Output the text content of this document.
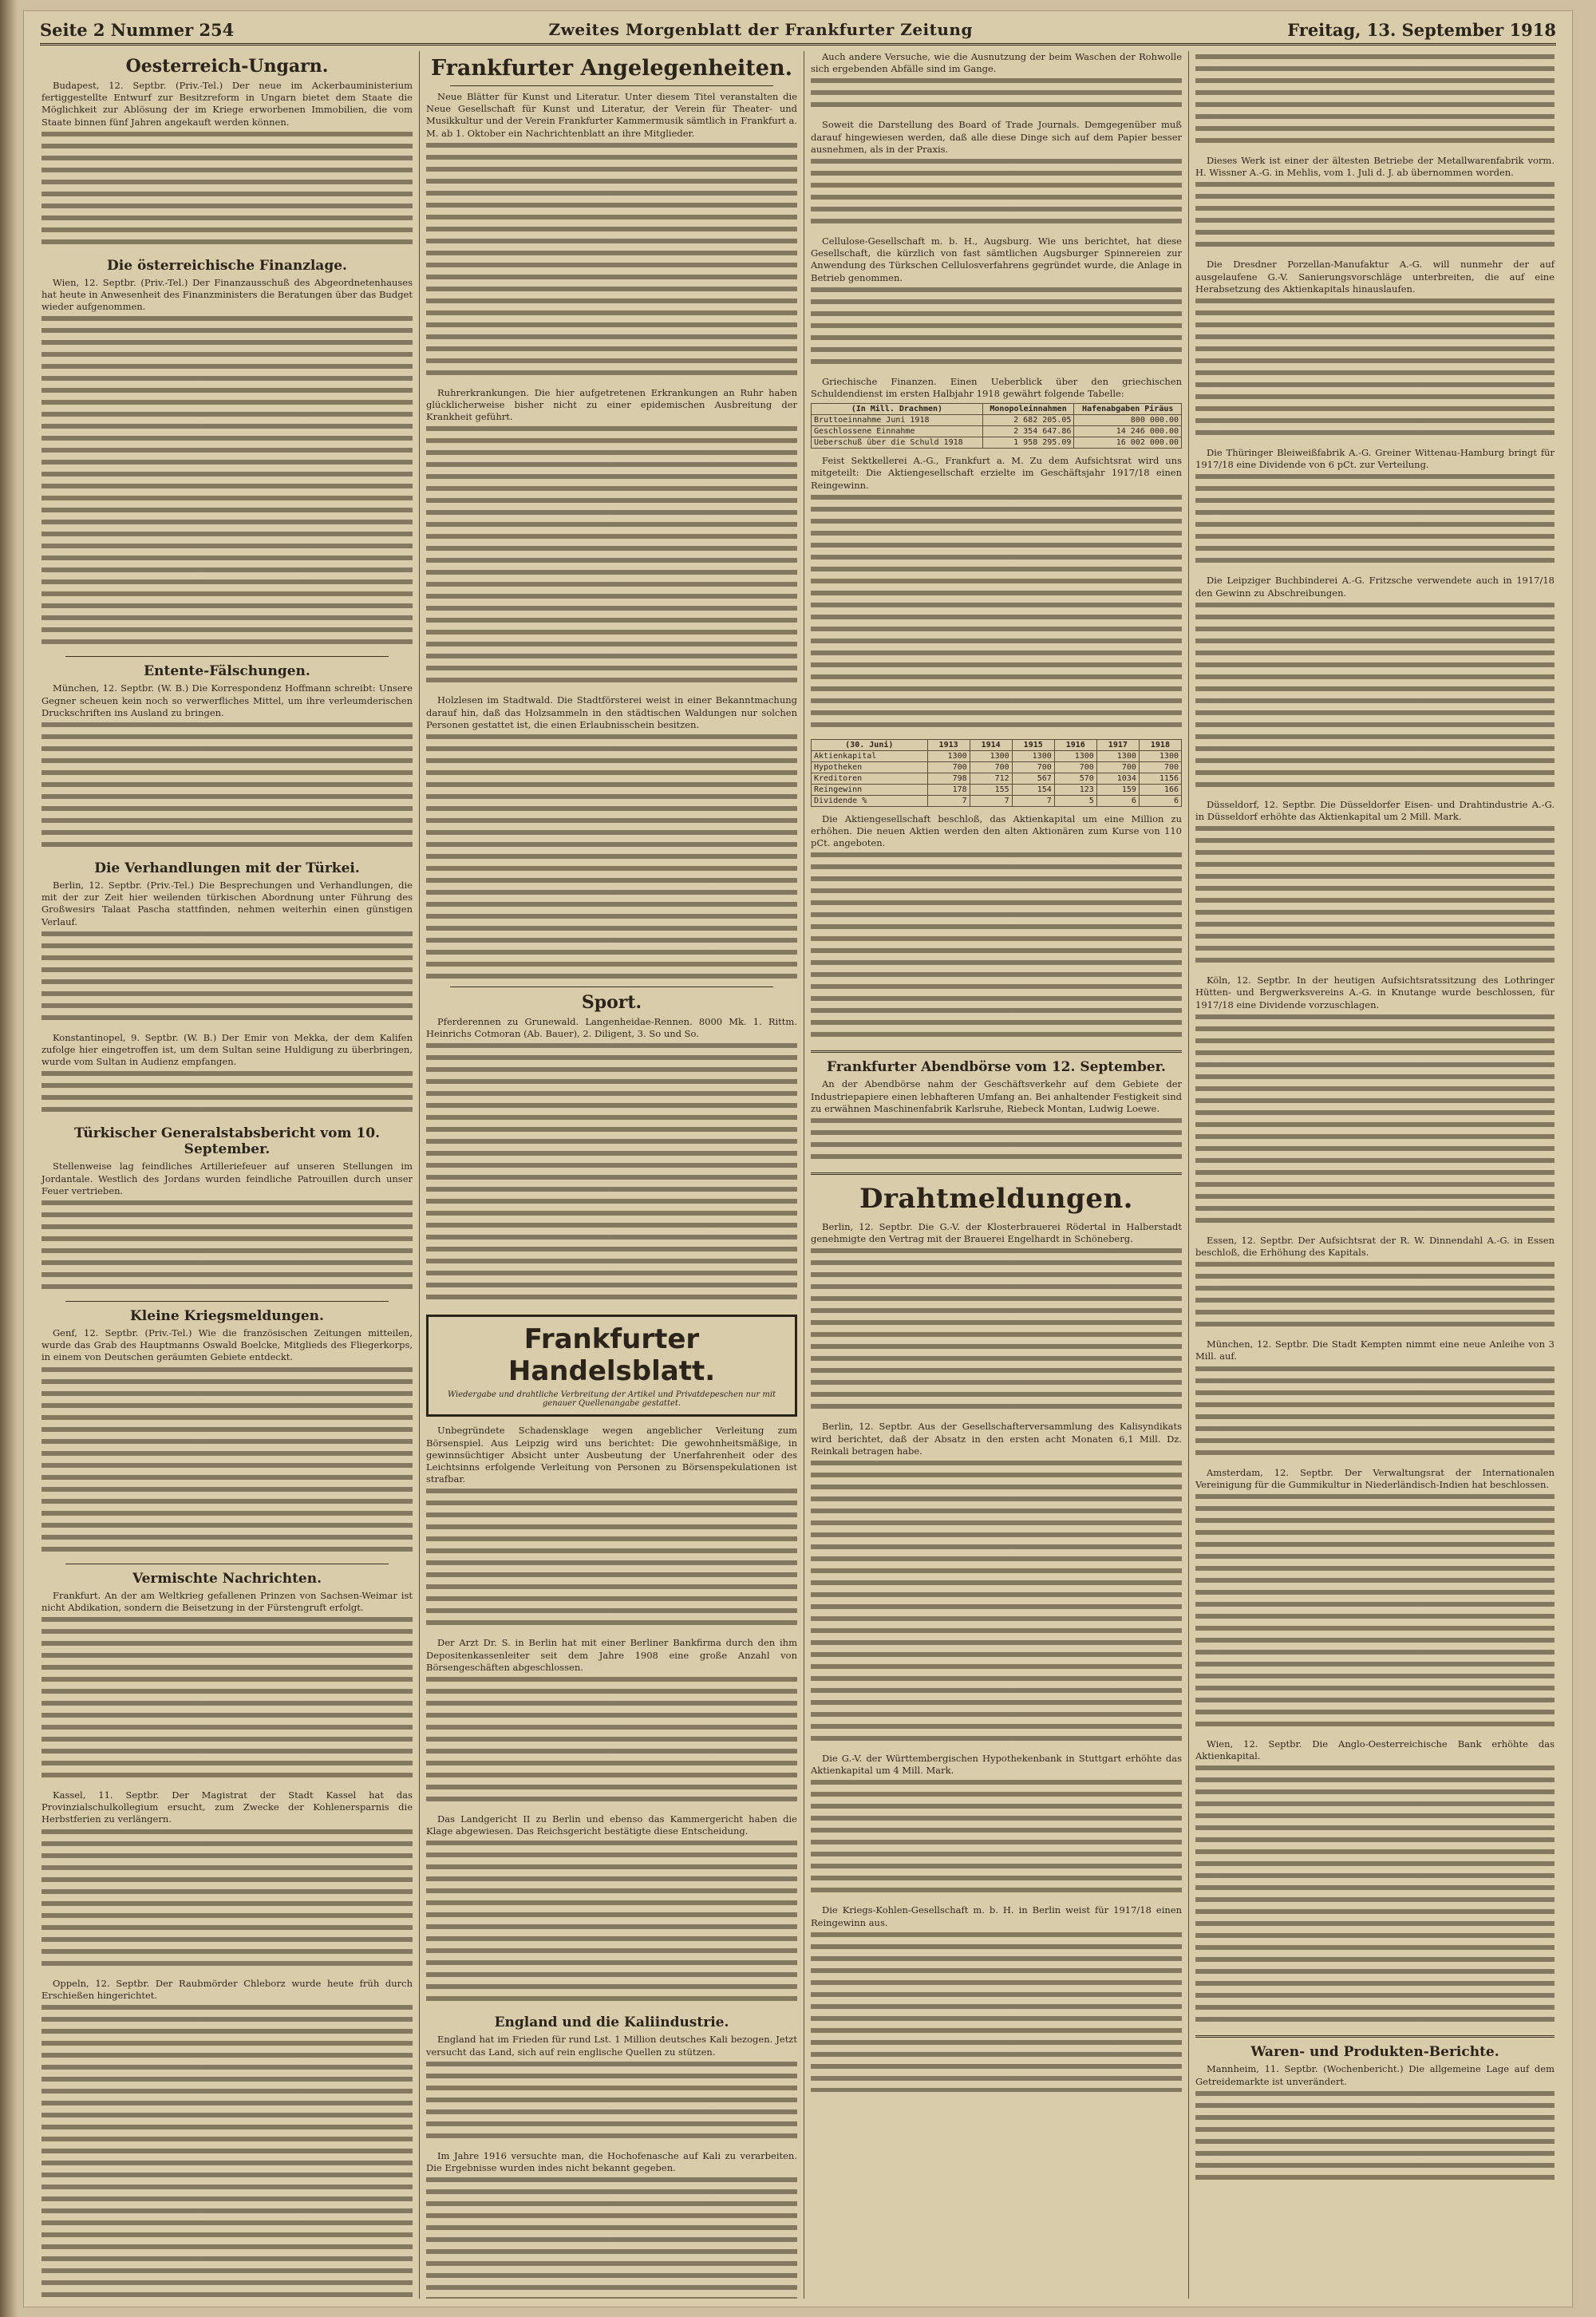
Seite 2 Nummer 254	Zweites Morgenblatt der Frankfurter Zeitung	Freitag, 13. September 1918
Oesterreich-Ungarn.

Budapest, 12. Septbr. (Priv.-Tel.) Der neue im Ackerbauministerium fertiggestellte Entwurf zur Besitzreform in Ungarn bietet dem Staate die Möglichkeit zur Ablösung der im Kriege erworbenen Immobilien, die vom Staate binnen fünf Jahren angekauft werden können.

Die österreichische Finanzlage.

Wien, 12. Septbr. (Priv.-Tel.) Der Finanzausschuß des Abgeordnetenhauses hat heute in Anwesenheit des Finanzministers die Beratungen über das Budget wieder aufgenommen.

Entente-Fälschungen.

München, 12. Septbr. (W. B.) Die Korrespondenz Hoffmann schreibt: Unsere Gegner scheuen kein noch so verwerfliches Mittel, um ihre verleumderischen Druckschriften ins Ausland zu bringen.

Die Verhandlungen mit der Türkei.

Berlin, 12. Septbr. (Priv.-Tel.) Die Besprechungen und Verhandlungen, die mit der zur Zeit hier weilenden türkischen Abordnung unter Führung des Großwesirs Talaat Pascha stattfinden, nehmen weiterhin einen günstigen Verlauf.

Konstantinopel, 9. Septbr. (W. B.) Der Emir von Mekka, der dem Kalifen zufolge hier eingetroffen ist, um dem Sultan seine Huldigung zu überbringen, wurde vom Sultan in Audienz empfangen.

Türkischer Generalstabsbericht vom 10. September.

Stellenweise lag feindliches Artilleriefeuer auf unseren Stellungen im Jordantale. Westlich des Jordans wurden feindliche Patrouillen durch unser Feuer vertrieben.

Kleine Kriegsmeldungen.

Genf, 12. Septbr. (Priv.-Tel.) Wie die französischen Zeitungen mitteilen, wurde das Grab des Hauptmanns Oswald Boelcke, Mitglieds des Fliegerkorps, in einem von Deutschen geräumten Gebiete entdeckt.

Vermischte Nachrichten.

Frankfurt. An der am Weltkrieg gefallenen Prinzen von Sachsen-Weimar ist nicht Abdikation, sondern die Beisetzung in der Fürstengruft erfolgt.

Kassel, 11. Septbr. Der Magistrat der Stadt Kassel hat das Provinzialschulkollegium ersucht, zum Zwecke der Kohlenersparnis die Herbstferien zu verlängern.

Oppeln, 12. Septbr. Der Raubmörder Chleborz wurde heute früh durch Erschießen hingerichtet.

Frankfurter Angelegenheiten.

Neue Blätter für Kunst und Literatur. Unter diesem Titel veranstalten die Neue Gesellschaft für Kunst und Literatur, der Verein für Theater- und Musikkultur und der Verein Frankfurter Kammermusik sämtlich in Frankfurt a. M. ab 1. Oktober ein Nachrichtenblatt an ihre Mitglieder.

Ruhrerkrankungen. Die hier aufgetretenen Erkrankungen an Ruhr haben glücklicherweise bisher nicht zu einer epidemischen Ausbreitung der Krankheit geführt.

Holzlesen im Stadtwald. Die Stadtförsterei weist in einer Bekanntmachung darauf hin, daß das Holzsammeln in den städtischen Waldungen nur solchen Personen gestattet ist, die einen Erlaubnisschein besitzen.

Sport.

Pferderennen zu Grunewald. Langenheidae-Rennen. 8000 Mk. 1. Rittm. Heinrichs Cotmoran (Ab. Bauer), 2. Diligent, 3. So und So.

Frankfurter Handelsblatt.
Wiedergabe und drahtliche Verbreitung der Artikel und Privatdepeschen nur mit genauer Quellenangabe gestattet.

Unbegründete Schadensklage wegen angeblicher Verleitung zum Börsenspiel. Aus Leipzig wird uns berichtet: Die gewohnheitsmäßige, in gewinnsüchtiger Absicht unter Ausbeutung der Unerfahrenheit oder des Leichtsinns erfolgende Verleitung von Personen zu Börsenspekulationen ist strafbar.

Der Arzt Dr. S. in Berlin hat mit einer Berliner Bankfirma durch den ihm Depositenkassenleiter seit dem Jahre 1908 eine große Anzahl von Börsengeschäften abgeschlossen.

Das Landgericht II zu Berlin und ebenso das Kammergericht haben die Klage abgewiesen. Das Reichsgericht bestätigte diese Entscheidung.

England und die Kaliindustrie.

England hat im Frieden für rund Lst. 1 Million deutsches Kali bezogen. Jetzt versucht das Land, sich auf rein englische Quellen zu stützen.

Im Jahre 1916 versuchte man, die Hochofenasche auf Kali zu verarbeiten. Die Ergebnisse wurden indes nicht bekannt gegeben.

Auch andere Versuche, wie die Ausnutzung der beim Waschen der Rohwolle sich ergebenden Abfälle sind im Gange.

Soweit die Darstellung des Board of Trade Journals. Demgegenüber muß darauf hingewiesen werden, daß alle diese Dinge sich auf dem Papier besser ausnehmen, als in der Praxis.

Cellulose-Gesellschaft m. b. H., Augsburg. Wie uns berichtet, hat diese Gesellschaft, die kürzlich von fast sämtlichen Augsburger Spinnereien zur Anwendung des Türkschen Cellulosverfahrens gegründet wurde, die Anlage in Betrieb genommen.

Griechische Finanzen. Einen Ueberblick über den griechischen Schuldendienst im ersten Halbjahr 1918 gewährt folgende Tabelle:

(In Mill. Drachmen)	Monopoleinnahmen	Hafenabgaben Piräus
Bruttoeinnahme Juni 1918	2 682 205.05	800 000.00
Geschlossene Einnahme	2 354 647.86	14 246 000.00
Ueberschuß über die Schuld 1918	1 958 295.09	16 002 000.00

Feist Sektkellerei A.-G., Frankfurt a. M. Zu dem Aufsichtsrat wird uns mitgeteilt: Die Aktiengesellschaft erzielte im Geschäftsjahr 1917/18 einen Reingewinn.

(30. Juni)	1913	1914	1915	1916	1917	1918
Aktienkapital	1300	1300	1300	1300	1300	1300
Hypotheken	700	700	700	700	700	700
Kreditoren	798	712	567	570	1034	1156
Reingewinn	178	155	154	123	159	166
Dividende %	7	7	7	5	6	6

Die Aktiengesellschaft beschloß, das Aktienkapital um eine Million zu erhöhen. Die neuen Aktien werden den alten Aktionären zum Kurse von 110 pCt. angeboten.

Frankfurter Abendbörse vom 12. September.

An der Abendbörse nahm der Geschäftsverkehr auf dem Gebiete der Industriepapiere einen lebhafteren Umfang an. Bei anhaltender Festigkeit sind zu erwähnen Maschinenfabrik Karlsruhe, Riebeck Montan, Ludwig Loewe.

Drahtmeldungen.

Berlin, 12. Septbr. Die G.-V. der Klosterbrauerei Rödertal in Halberstadt genehmigte den Vertrag mit der Brauerei Engelhardt in Schöneberg.

Berlin, 12. Septbr. Aus der Gesellschafterversammlung des Kalisyndikats wird berichtet, daß der Absatz in den ersten acht Monaten 6,1 Mill. Dz. Reinkali betragen habe.

Die G.-V. der Württembergischen Hypothekenbank in Stuttgart erhöhte das Aktienkapital um 4 Mill. Mark.

Die Kriegs-Kohlen-Gesellschaft m. b. H. in Berlin weist für 1917/18 einen Reingewinn aus.

Dieses Werk ist einer der ältesten Betriebe der Metallwarenfabrik vorm. H. Wissner A.-G. in Mehlis, vom 1. Juli d. J. ab übernommen worden.

Die Dresdner Porzellan-Manufaktur A.-G. will nunmehr der auf ausgelaufene G.-V. Sanierungsvorschläge unterbreiten, die auf eine Herabsetzung des Aktienkapitals hinauslaufen.

Die Thüringer Bleiweißfabrik A.-G. Greiner Wittenau-Hamburg bringt für 1917/18 eine Dividende von 6 pCt. zur Verteilung.

Die Leipziger Buchbinderei A.-G. Fritzsche verwendete auch in 1917/18 den Gewinn zu Abschreibungen.

Düsseldorf, 12. Septbr. Die Düsseldorfer Eisen- und Drahtindustrie A.-G. in Düsseldorf erhöhte das Aktienkapital um 2 Mill. Mark.

Köln, 12. Septbr. In der heutigen Aufsichtsratssitzung des Lothringer Hütten- und Bergwerksvereins A.-G. in Knutange wurde beschlossen, für 1917/18 eine Dividende vorzuschlagen.

Essen, 12. Septbr. Der Aufsichtsrat der R. W. Dinnendahl A.-G. in Essen beschloß, die Erhöhung des Kapitals.

München, 12. Septbr. Die Stadt Kempten nimmt eine neue Anleihe von 3 Mill. auf.

Amsterdam, 12. Septbr. Der Verwaltungsrat der Internationalen Vereinigung für die Gummikultur in Niederländisch-Indien hat beschlossen.

Wien, 12. Septbr. Die Anglo-Oesterreichische Bank erhöhte das Aktienkapital.

Waren- und Produkten-Berichte.

Mannheim, 11. Septbr. (Wochenbericht.) Die allgemeine Lage auf dem Getreidemarkte ist unverändert.
